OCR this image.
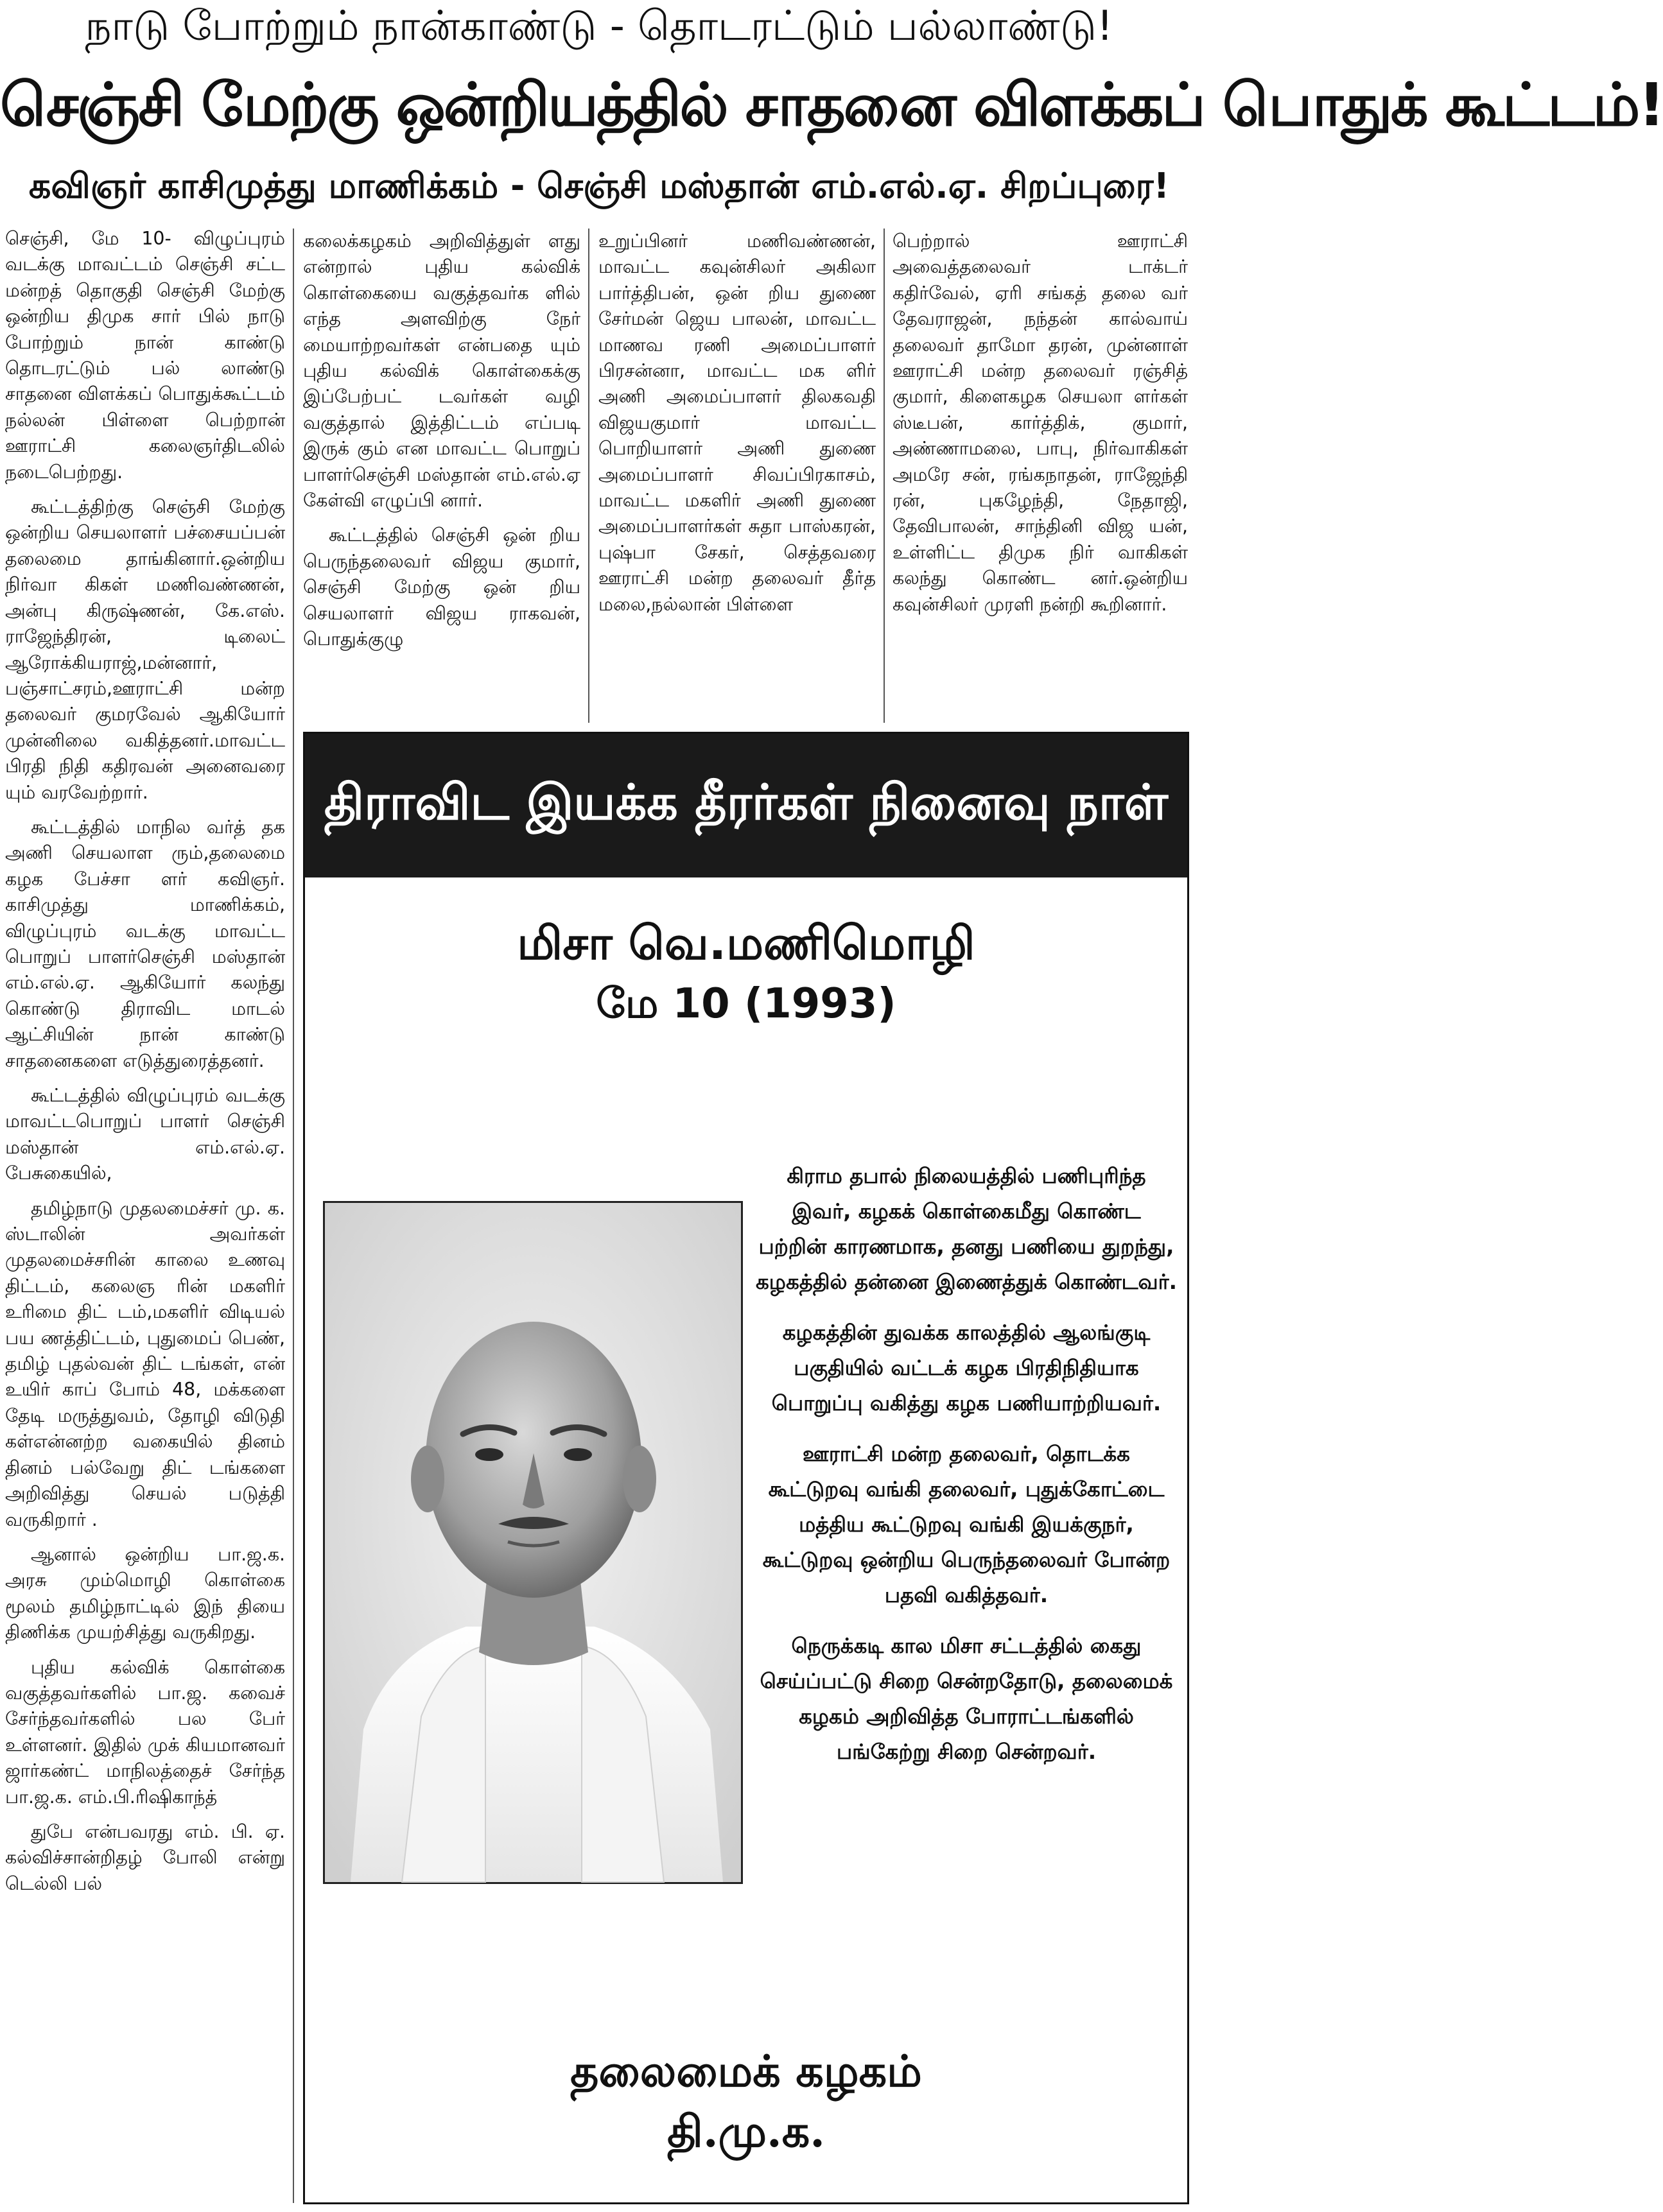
நாடு போற்றும் நான்காண்டு - தொடரட்டும் பல்லாண்டு!
செஞ்சி மேற்கு ஒன்றியத்தில் சாதனை விளக்கப் பொதுக் கூட்டம்!
கவிஞர் காசிமுத்து மாணிக்கம் - செஞ்சி மஸ்தான் எம்.எல்.ஏ. சிறப்புரை!

செஞ்சி, மே 10- விழுப்புரம் வடக்கு மாவட்டம் செஞ்சி சட்ட மன்றத் தொகுதி செஞ்சி மேற்கு ஒன்றிய திமுக சார் பில் நாடு போற்றும் நான் காண்டு தொடரட்டும் பல் லாண்டு சாதனை விளக்கப் பொதுக்கூட்டம் நல்லன் பிள்ளை பெற்றான் ஊராட்சி கலைஞர்திடலில் நடைபெற்றது.

கூட்டத்திற்கு செஞ்சி மேற்கு ஒன்றிய செயலாளர் பச்சையப்பன் தலைமை தாங்கினார்.ஒன்றிய நிர்வா கிகள் மணிவண்ணன், அன்பு கிருஷ்ணன், கே.எஸ். ராஜேந்திரன், டிலைட் ஆரோக்கியராஜ்,மன்னார், பஞ்சாட்சரம்,ஊராட்சி மன்ற தலைவர் குமரவேல் ஆகியோர் முன்னிலை வகித்தனர்.மாவட்ட பிரதி நிதி கதிரவன் அனைவரை யும் வரவேற்றார்.

கூட்டத்தில் மாநில வர்த் தக அணி செயலாள ரும்,தலைமை கழக பேச்சா ளர் கவிஞர். காசிமுத்து மாணிக்கம், விழுப்புரம் வடக்கு மாவட்ட பொறுப் பாளர்செஞ்சி மஸ்தான் எம்.எல்.ஏ. ஆகியோர் கலந்து கொண்டு திராவிட மாடல் ஆட்சியின் நான் காண்டு சாதனைகளை எடுத்துரைத்தனர்.

கூட்டத்தில் விழுப்புரம் வடக்கு மாவட்டபொறுப் பாளர் செஞ்சி மஸ்தான் எம்.எல்.ஏ. பேசுகையில்,

தமிழ்நாடு முதலமைச்சர் மு. க. ஸ்டாலின் அவர்கள் முதலமைச்சரின் காலை உணவு திட்டம், கலைஞ ரின் மகளிர் உரிமை திட் டம்,மகளிர் விடியல் பய ணத்திட்டம், புதுமைப் பெண், தமிழ் புதல்வன் திட் டங்கள், என் உயிர் காப் போம் 48, மக்களை தேடி மருத்துவம், தோழி விடுதி கள்என்னற்ற வகையில் தினம் தினம் பல்வேறு திட் டங்களை அறிவித்து செயல் படுத்தி வருகிறார் .

ஆனால் ஒன்றிய பா.ஜ.க. அரசு மும்மொழி கொள்கை மூலம் தமிழ்நாட்டில் இந் தியை திணிக்க முயற்சித்து வருகிறது.

புதிய கல்விக் கொள்கை வகுத்தவர்களில் பா.ஜ. கவைச் சேர்ந்தவர்களில் பல பேர் உள்ளனர். இதில் முக் கியமானவர் ஜார்கண்ட் மாநிலத்தைச் சேர்ந்த பா.ஜ.க. எம்.பி.ரிஷிகாந்த்

துபே என்பவரது எம். பி. ஏ. கல்விச்சான்றிதழ் போலி என்று டெல்லி பல்

கலைக்கழகம் அறிவித்துள் ளது என்றால் புதிய கல்விக் கொள்கையை வகுத்தவர்க ளில் எந்த அளவிற்கு நேர் மையாற்றவர்கள் என்பதை யும் புதிய கல்விக் கொள்கைக்கு இப்பேற்பட் டவர்கள் வழி வகுத்தால் இத்திட்டம் எப்படி இருக் கும் என மாவட்ட பொறுப் பாளர்செஞ்சி மஸ்தான் எம்.எல்.ஏ கேள்வி எழுப்பி னார்.

கூட்டத்தில் செஞ்சி ஒன் றிய பெருந்தலைவர் விஜய குமார், செஞ்சி மேற்கு ஒன் றிய செயலாளர் விஜய ராகவன், பொதுக்குழு

உறுப்பினர் மணிவண்ணன், மாவட்ட கவுன்சிலர் அகிலா பார்த்திபன், ஒன் றிய துணை சேர்மன் ஜெய பாலன், மாவட்ட மாணவ ரணி அமைப்பாளர் பிரசன்னா, மாவட்ட மக ளிர் அணி அமைப்பாளர் திலகவதி விஜயகுமார் மாவட்ட பொறியாளர் அணி துணை அமைப்பாளர் சிவப்பிரகாசம், மாவட்ட மகளிர் அணி துணை அமைப்பாளர்கள் சுதா பாஸ்கரன், புஷ்பா சேகர், செத்தவரை ஊராட்சி மன்ற தலைவர் தீர்த மலை,நல்லான் பிள்ளை

பெற்றால் ஊராட்சி அவைத்தலைவர் டாக்டர் கதிர்வேல், ஏரி சங்கத் தலை வர் தேவராஜன், நந்தன் கால்வாய் தலைவர் தாமோ தரன், முன்னாள் ஊராட்சி மன்ற தலைவர் ரஞ்சித் குமார், கிளைகழக செயலா ளர்கள் ஸ்டீபன், கார்த்திக், குமார், அண்ணாமலை, பாபு, நிர்வாகிகள் அமரே சன், ரங்கநாதன், ராஜேந்தி ரன், புகழேந்தி, நேதாஜி, தேவிபாலன், சாந்தினி விஜ யன், உள்ளிட்ட திமுக நிர் வாகிகள் கலந்து கொண்ட னர்.ஒன்றிய கவுன்சிலர் முரளி நன்றி கூறினார்.

திராவிட இயக்க தீரர்கள் நினைவு நாள்
மிசா வெ.மணிமொழி
மே 10 (1993)

கிராம தபால் நிலையத்தில் பணிபுரிந்த இவர், கழகக் கொள்கைமீது கொண்ட பற்றின் காரணமாக, தனது பணியை துறந்து, கழகத்தில் தன்னை இணைத்துக் கொண்டவர்.

கழகத்தின் துவக்க காலத்தில் ஆலங்குடி பகுதியில் வட்டக் கழக பிரதிநிதியாக பொறுப்பு வகித்து கழக பணியாற்றியவர்.

ஊராட்சி மன்ற தலைவர், தொடக்க கூட்டுறவு வங்கி தலைவர், புதுக்கோட்டை மத்திய கூட்டுறவு வங்கி இயக்குநர், கூட்டுறவு ஒன்றிய பெருந்தலைவர் போன்ற பதவி வகித்தவர்.

நெருக்கடி கால மிசா சட்டத்தில் கைது செய்ப்பட்டு சிறை சென்றதோடு, தலைமைக் கழகம் அறிவித்த போராட்டங்களில் பங்கேற்று சிறை சென்றவர்.

தலைமைக் கழகம்
தி.மு.க.
